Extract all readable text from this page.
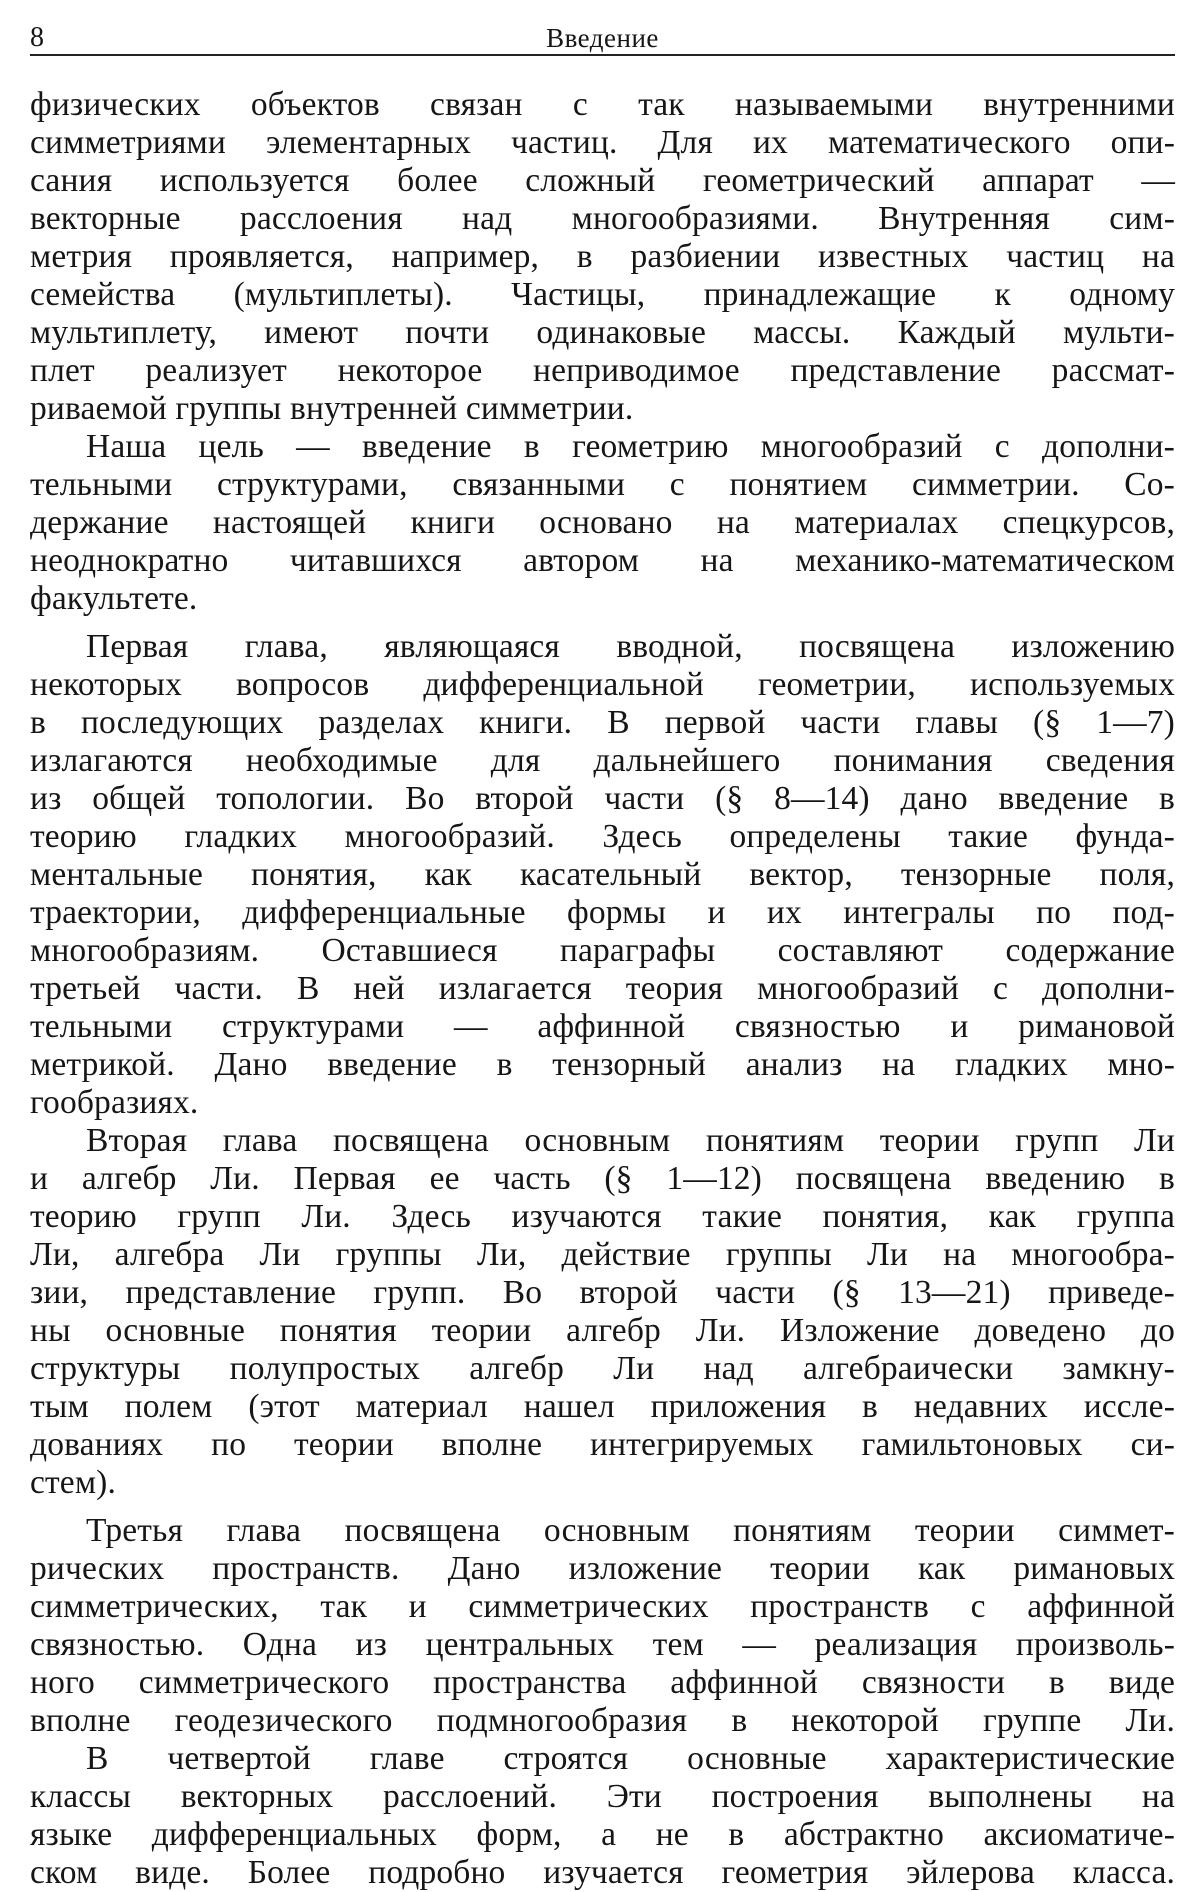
8	Введение
физических объектов связан с так называемыми внутренними
симметриями элементарных частиц. Для их математического опи-
сания используется более сложный геометрический аппарат —
векторные расслоения над многообразиями. Внутренняя сим-
метрия проявляется, например, в разбиении известных частиц на
семейства (мультиплеты). Частицы, принадлежащие к одному
мультиплету, имеют почти одинаковые массы. Каждый мульти-
плет реализует некоторое неприводимое представление рассмат-
риваемой группы внутренней симметрии.
Наша цель — введение в геометрию многообразий с дополни-
тельными структурами, связанными с понятием симметрии. Со-
держание настоящей книги основано на материалах спецкурсов,
неоднократно читавшихся автором на механико-математическом
факультете.
Первая глава, являющаяся вводной, посвящена изложению
некоторых вопросов дифференциальной геометрии, используемых
в последующих разделах книги. В первой части главы (§ 1—7)
излагаются необходимые для дальнейшего понимания сведения
из общей топологии. Во второй части (§ 8—14) дано введение в
теорию гладких многообразий. Здесь определены такие фунда-
ментальные понятия, как касательный вектор, тензорные поля,
траектории, дифференциальные формы и их интегралы по под-
многообразиям. Оставшиеся параграфы составляют содержание
третьей части. В ней излагается теория многообразий с дополни-
тельными структурами — аффинной связностью и римановой
метрикой. Дано введение в тензорный анализ на гладких мно-
гообразиях.
Вторая глава посвящена основным понятиям теории групп Ли
и алгебр Ли. Первая ее часть (§ 1—12) посвящена введению в
теорию групп Ли. Здесь изучаются такие понятия, как группа
Ли, алгебра Ли группы Ли, действие группы Ли на многообра-
зии, представление групп. Во второй части (§ 13—21) приведе-
ны основные понятия теории алгебр Ли. Изложение доведено до
структуры полупростых алгебр Ли над алгебраически замкну-
тым полем (этот материал нашел приложения в недавних иссле-
дованиях по теории вполне интегрируемых гамильтоновых си-
стем).
Третья глава посвящена основным понятиям теории симмет-
рических пространств. Дано изложение теории как римановых
симметрических, так и симметрических пространств с аффинной
связностью. Одна из центральных тем — реализация произволь-
ного симметрического пространства аффинной связности в виде
вполне геодезического подмногообразия в некоторой группе Ли.
В четвертой главе строятся основные характеристические
классы векторных расслоений. Эти построения выполнены на
языке дифференциальных форм, а не в абстрактно аксиоматиче-
ском виде. Более подробно изучается геометрия эйлерова класса.
